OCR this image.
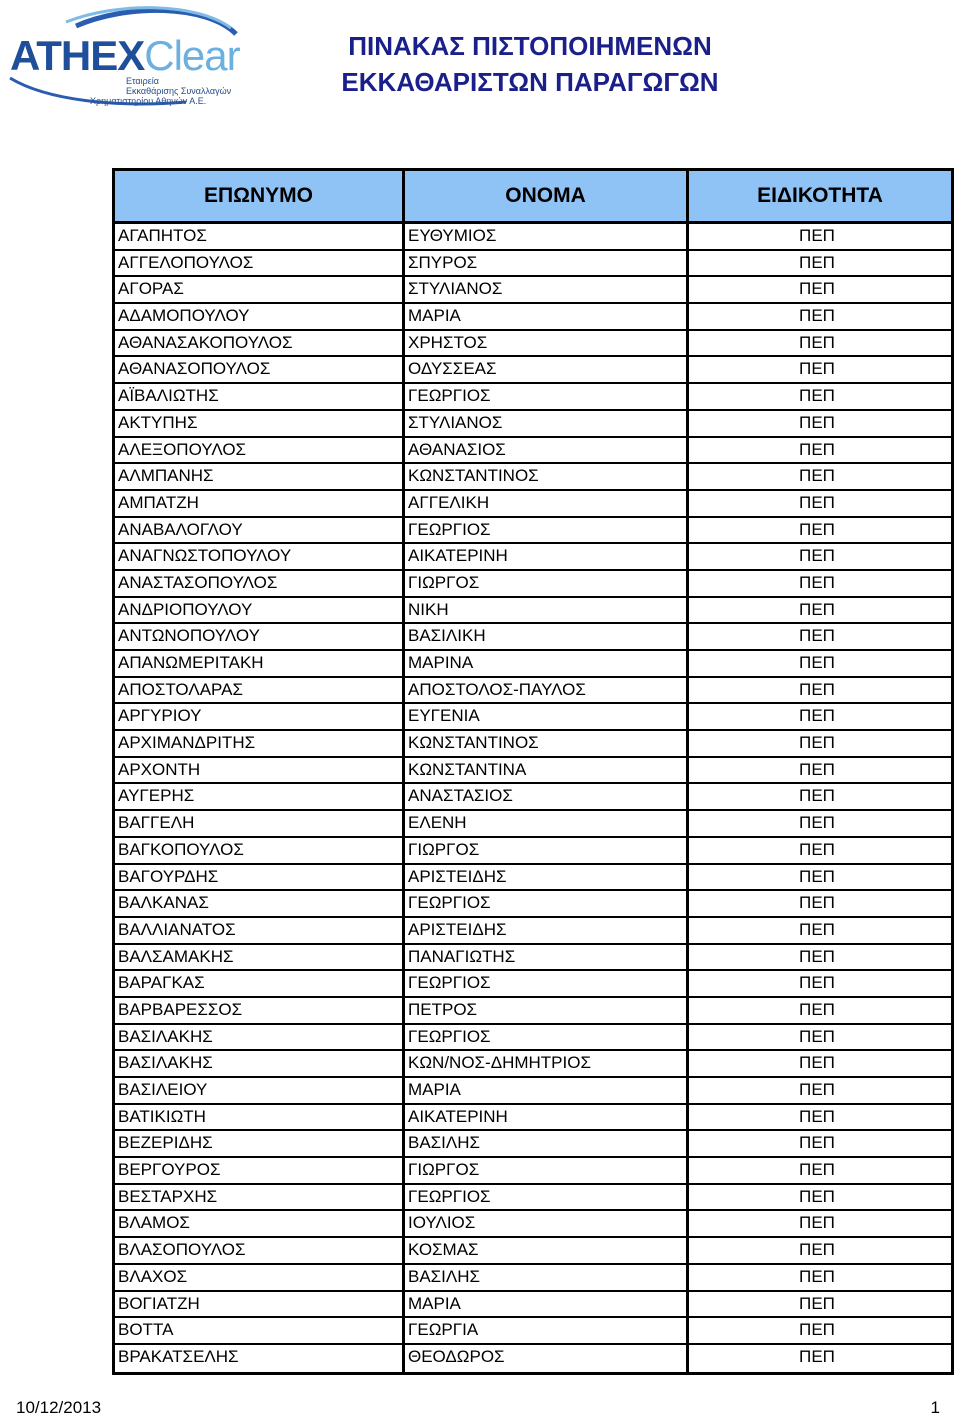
ATHEXClear
Εταιρεία
Εκκαθάρισης Συναλλαγών
Χρηματιστηρίου Αθηνών Α.Ε.
ΠΙΝΑΚΑΣ ΠΙΣΤΟΠΟΙΗΜΕΝΩΝ
ΕΚΚΑΘΑΡΙΣΤΩΝ ΠΑΡΑΓΩΓΩΝ
ΕΠΩΝΥΜΟ	ΟΝΟΜΑ	ΕΙΔΙΚΟΤΗΤΑ
ΑΓΑΠΗΤΟΣ	ΕΥΘΥΜΙΟΣ	ΠΕΠ
ΑΓΓΕΛΟΠΟΥΛΟΣ	ΣΠΥΡΟΣ	ΠΕΠ
ΑΓΟΡΑΣ	ΣΤΥΛΙΑΝΟΣ	ΠΕΠ
ΑΔΑΜΟΠΟΥΛΟΥ	ΜΑΡΙΑ	ΠΕΠ
ΑΘΑΝΑΣΑΚΟΠΟΥΛΟΣ	ΧΡΗΣΤΟΣ	ΠΕΠ
ΑΘΑΝΑΣΟΠΟΥΛΟΣ	ΟΔΥΣΣΕΑΣ	ΠΕΠ
ΑΪΒΑΛΙΩΤΗΣ	ΓΕΩΡΓΙΟΣ	ΠΕΠ
ΑΚΤΥΠΗΣ	ΣΤΥΛΙΑΝΟΣ	ΠΕΠ
ΑΛΕΞΟΠΟΥΛΟΣ	ΑΘΑΝΑΣΙΟΣ	ΠΕΠ
ΑΛΜΠΑΝΗΣ	ΚΩΝΣΤΑΝΤΙΝΟΣ	ΠΕΠ
ΑΜΠΑΤΖΗ	ΑΓΓΕΛΙΚΗ	ΠΕΠ
ΑΝΑΒΑΛΟΓΛΟΥ	ΓΕΩΡΓΙΟΣ	ΠΕΠ
ΑΝΑΓΝΩΣΤΟΠΟΥΛΟΥ	ΑΙΚΑΤΕΡΙΝΗ	ΠΕΠ
ΑΝΑΣΤΑΣΟΠΟΥΛΟΣ	ΓΙΩΡΓΟΣ	ΠΕΠ
ΑΝΔΡΙΟΠΟΥΛΟΥ	ΝΙΚΗ	ΠΕΠ
ΑΝΤΩΝΟΠΟΥΛΟΥ	ΒΑΣΙΛΙΚΗ	ΠΕΠ
ΑΠΑΝΩΜΕΡΙΤΑΚΗ	ΜΑΡΙΝΑ	ΠΕΠ
ΑΠΟΣΤΟΛΑΡΑΣ	ΑΠΟΣΤΟΛΟΣ-ΠΑΥΛΟΣ	ΠΕΠ
ΑΡΓΥΡΙΟΥ	ΕΥΓΕΝΙΑ	ΠΕΠ
ΑΡΧΙΜΑΝΔΡΙΤΗΣ	ΚΩΝΣΤΑΝΤΙΝΟΣ	ΠΕΠ
ΑΡΧΟΝΤΗ	ΚΩΝΣΤΑΝΤΙΝΑ	ΠΕΠ
ΑΥΓΕΡΗΣ	ΑΝΑΣΤΑΣΙΟΣ	ΠΕΠ
ΒΑΓΓΕΛΗ	ΕΛΕΝΗ	ΠΕΠ
ΒΑΓΚΟΠΟΥΛΟΣ	ΓΙΩΡΓΟΣ	ΠΕΠ
ΒΑΓΟΥΡΔΗΣ	ΑΡΙΣΤΕΙΔΗΣ	ΠΕΠ
ΒΑΛΚΑΝΑΣ	ΓΕΩΡΓΙΟΣ	ΠΕΠ
ΒΑΛΛΙΑΝΑΤΟΣ	ΑΡΙΣΤΕΙΔΗΣ	ΠΕΠ
ΒΑΛΣΑΜΑΚΗΣ	ΠΑΝΑΓΙΩΤΗΣ	ΠΕΠ
ΒΑΡΑΓΚΑΣ	ΓΕΩΡΓΙΟΣ	ΠΕΠ
ΒΑΡΒΑΡΕΣΣΟΣ	ΠΕΤΡΟΣ	ΠΕΠ
ΒΑΣΙΛΑΚΗΣ	ΓΕΩΡΓΙΟΣ	ΠΕΠ
ΒΑΣΙΛΑΚΗΣ	ΚΩΝ/ΝΟΣ-ΔΗΜΗΤΡΙΟΣ	ΠΕΠ
ΒΑΣΙΛΕΙΟΥ	ΜΑΡΙΑ	ΠΕΠ
ΒΑΤΙΚΙΩΤΗ	ΑΙΚΑΤΕΡΙΝΗ	ΠΕΠ
ΒΕΖΕΡΙΔΗΣ	ΒΑΣΙΛΗΣ	ΠΕΠ
ΒΕΡΓΟΥΡΟΣ	ΓΙΩΡΓΟΣ	ΠΕΠ
ΒΕΣΤΑΡΧΗΣ	ΓΕΩΡΓΙΟΣ	ΠΕΠ
ΒΛΑΜΟΣ	ΙΟΥΛΙΟΣ	ΠΕΠ
ΒΛΑΣΟΠΟΥΛΟΣ	ΚΟΣΜΑΣ	ΠΕΠ
ΒΛΑΧΟΣ	ΒΑΣΙΛΗΣ	ΠΕΠ
ΒΟΓΙΑΤΖΗ	ΜΑΡΙΑ	ΠΕΠ
ΒΟΤΤΑ	ΓΕΩΡΓΙΑ	ΠΕΠ
ΒΡΑΚΑΤΣΕΛΗΣ	ΘΕΟΔΩΡΟΣ	ΠΕΠ
10/12/2013	1
